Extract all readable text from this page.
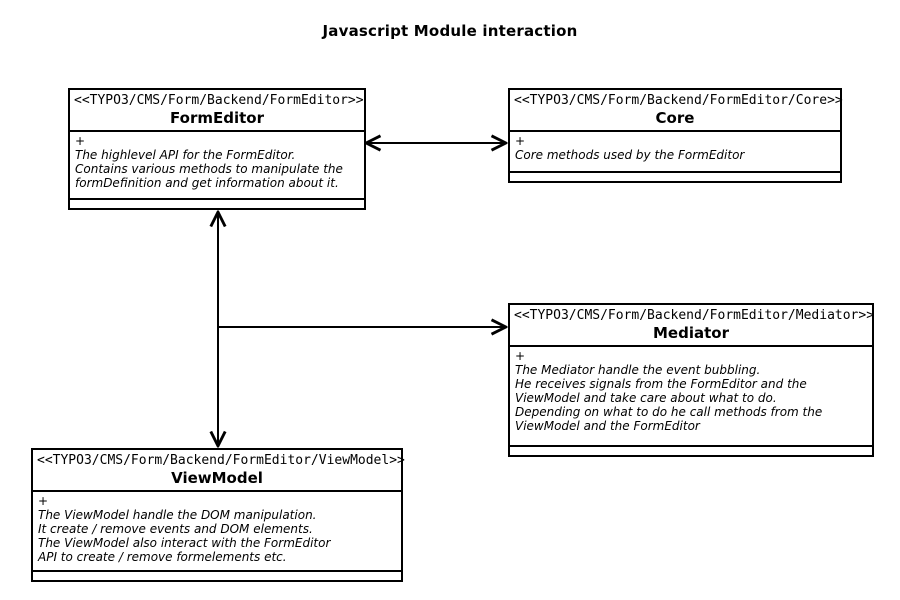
Javascript Module interaction
<<TYPO3/CMS/Form/Backend/FormEditor>>
FormEditor
+
The highlevel API for the FormEditor.
Contains various methods to manipulate the
formDefinition and get information about it.
<<TYPO3/CMS/Form/Backend/FormEditor/Core>>
Core
+
Core methods used by the FormEditor
<<TYPO3/CMS/Form/Backend/FormEditor/Mediator>>
Mediator
+
The Mediator handle the event bubbling.
He receives signals from the FormEditor and the
ViewModel and take care about what to do.
Depending on what to do he call methods from the
ViewModel and the FormEditor
<<TYPO3/CMS/Form/Backend/FormEditor/ViewModel>>
ViewModel
+
The ViewModel handle the DOM manipulation.
It create / remove events and DOM elements.
The ViewModel also interact with the FormEditor
API to create / remove formelements etc.
